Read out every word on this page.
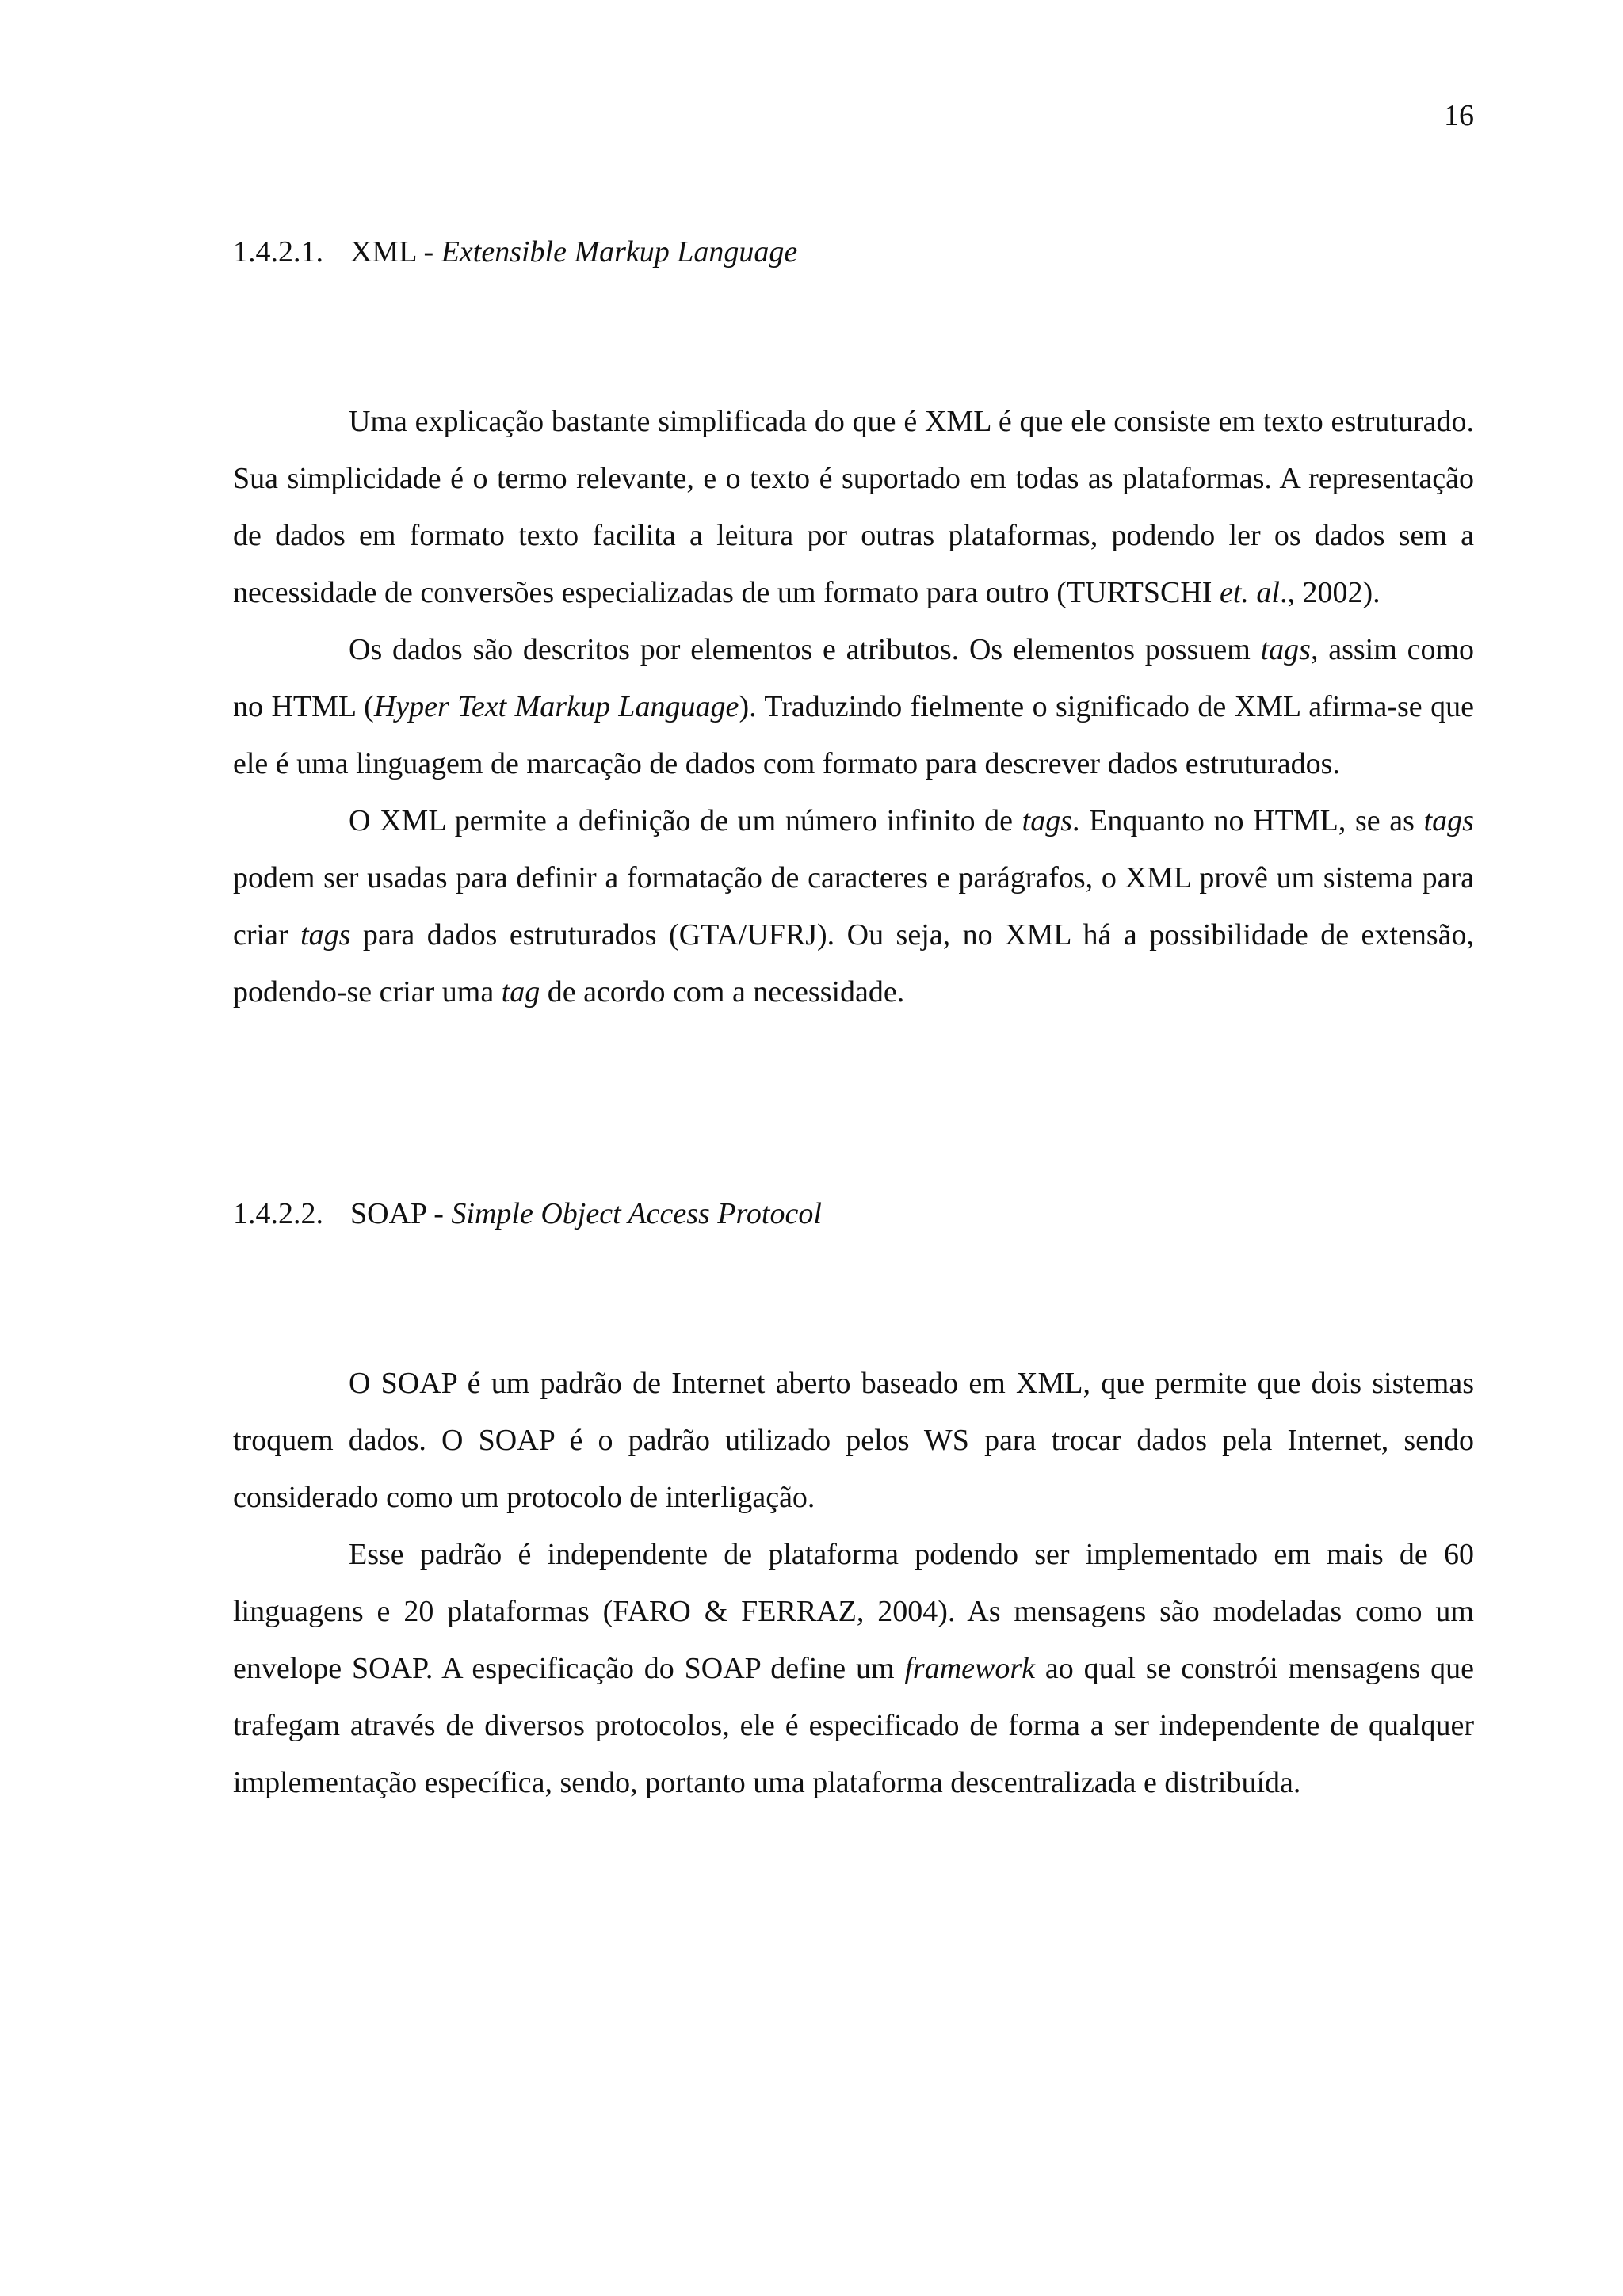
16
1.4.2.1. XML - Extensible Markup Language

Uma explicação bastante simplificada do que é XML é que ele consiste em texto estruturado. Sua simplicidade é o termo relevante, e o texto é suportado em todas as plataformas. A representação de dados em formato texto facilita a leitura por outras plataformas, podendo ler os dados sem a necessidade de conversões especializadas de um formato para outro (TURTSCHI et. al., 2002).

Os dados são descritos por elementos e atributos. Os elementos possuem tags, assim como no HTML (Hyper Text Markup Language). Traduzindo fielmente o significado de XML afirma-se que ele é uma linguagem de marcação de dados com formato para descrever dados estruturados.

O XML permite a definição de um número infinito de tags. Enquanto no HTML, se as tags podem ser usadas para definir a formatação de caracteres e parágrafos, o XML provê um sistema para criar tags para dados estruturados (GTA/UFRJ). Ou seja, no XML há a possibilidade de extensão, podendo-se criar uma tag de acordo com a necessidade.

1.4.2.2. SOAP - Simple Object Access Protocol

O SOAP é um padrão de Internet aberto baseado em XML, que permite que dois sistemas troquem dados. O SOAP é o padrão utilizado pelos WS para trocar dados pela Internet, sendo considerado como um protocolo de interligação.

Esse padrão é independente de plataforma podendo ser implementado em mais de 60 linguagens e 20 plataformas (FARO & FERRAZ, 2004). As mensagens são modeladas como um envelope SOAP. A especificação do SOAP define um framework ao qual se constrói mensagens que trafegam através de diversos protocolos, ele é especificado de forma a ser independente de qualquer implementação específica, sendo, portanto uma plataforma descentralizada e distribuída.
